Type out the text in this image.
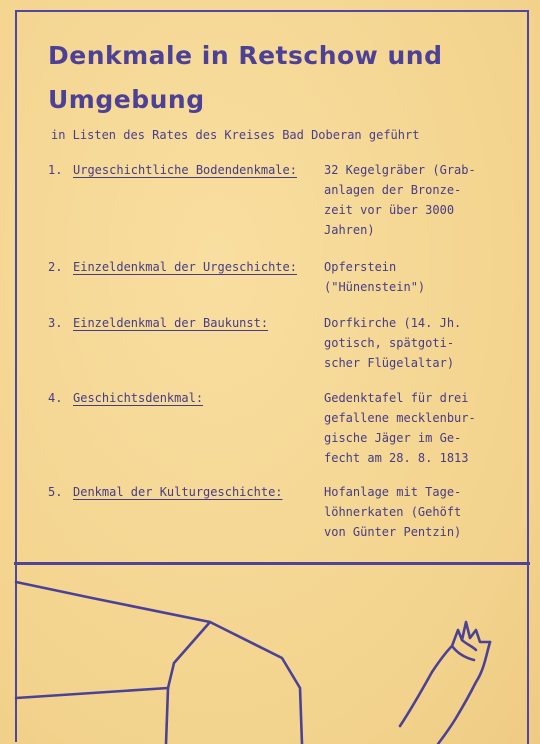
Denkmale in Retschow und Umgebung
in Listen des Rates des Kreises Bad Doberan geführt
1. Urgeschichtliche Bodendenkmale: 32 Kegelgräber (Grab-
anlagen der Bronze-
zeit vor über 3000
Jahren)
2. Einzeldenkmal der Urgeschichte: Opferstein
("Hünenstein")
3. Einzeldenkmal der Baukunst:	Dorfkirche (14. Jh.
gotisch, spätgoti-
scher Flügelaltar)
4. Geschichtsdenkmal:	Gedenktafel für drei
gefallene mecklenbur-
gische Jäger im Ge-
fecht am 28. 8. 1813
5. Denkmal der Kulturgeschichte:	Hofanlage mit Tage-
löhnerkaten (Gehöft
von Günter Pentzin)
